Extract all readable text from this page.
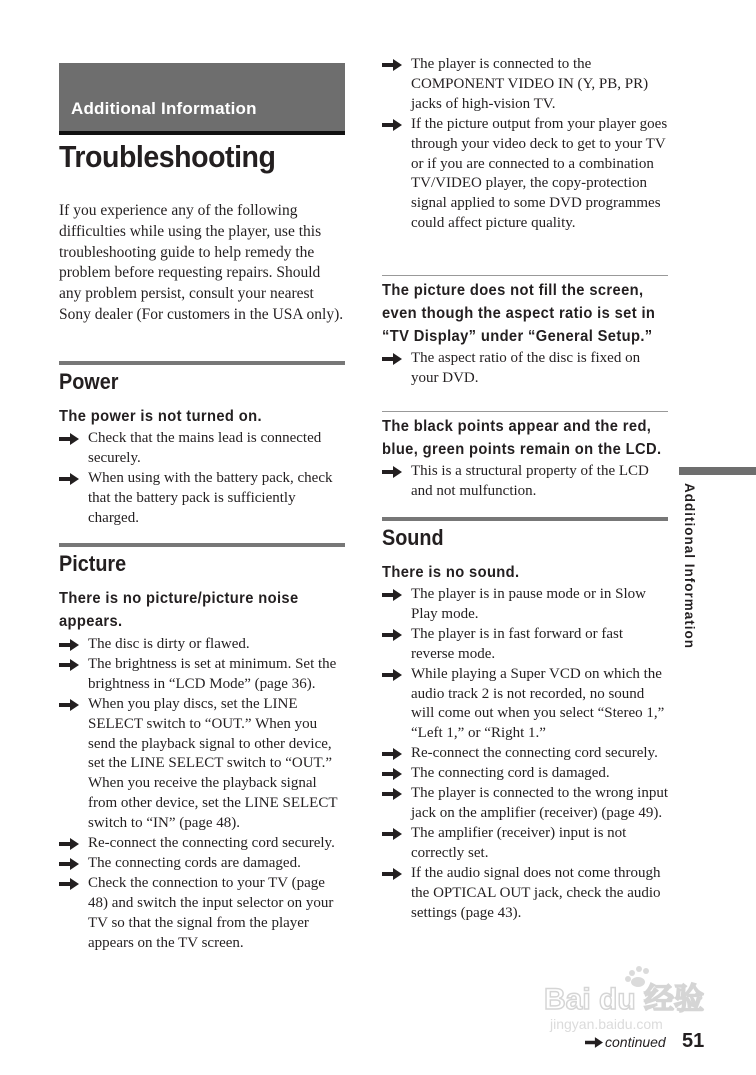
Additional Information
Troubleshooting

If you experience any of the following difficulties while using the player, use this troubleshooting guide to help remedy the problem before requesting repairs. Should any problem persist, consult your nearest Sony dealer (For customers in the USA only).

Power
The power is not turned on.
Check that the mains lead is connected securely.
When using with the battery pack, check that the battery pack is sufficiently charged.
Picture
There is no picture/picture noise appears.
The disc is dirty or flawed.
The brightness is set at minimum. Set the brightness in “LCD Mode” (page 36).
When you play discs, set the LINE SELECT switch to “OUT.” When you send the playback signal to other device, set the LINE SELECT switch to “OUT.” When you receive the playback signal from other device, set the LINE SELECT switch to “IN” (page 48).
Re-connect the connecting cord securely.
The connecting cords are damaged.
Check the connection to your TV (page 48) and switch the input selector on your TV so that the signal from the player appears on the TV screen.
The player is connected to the COMPONENT VIDEO IN (Y, PB, PR) jacks of high-vision TV.
If the picture output from your player goes through your video deck to get to your TV or if you are connected to a combination TV/VIDEO player, the copy-protection signal applied to some DVD programmes could affect picture quality.
The picture does not fill the screen, even though the aspect ratio is set in “TV Display” under “General Setup.”
The aspect ratio of the disc is fixed on your DVD.
The black points appear and the red, blue, green points remain on the LCD.
This is a structural property of the LCD and not mulfunction.
Sound
There is no sound.
The player is in pause mode or in Slow Play mode.
The player is in fast forward or fast reverse mode.
While playing a Super VCD on which the audio track 2 is not recorded, no sound will come out when you select “Stereo 1,” “Left 1,” or “Right 1.”
Re-connect the connecting cord securely.
The connecting cord is damaged.
The player is connected to the wrong input jack on the amplifier (receiver) (page 49).
The amplifier (receiver) input is not correctly set.
If the audio signal does not come through the OPTICAL OUT jack, check the audio settings (page 43).
Additional Information
Bai du 经验
jingyan.baidu.com
continued 51
